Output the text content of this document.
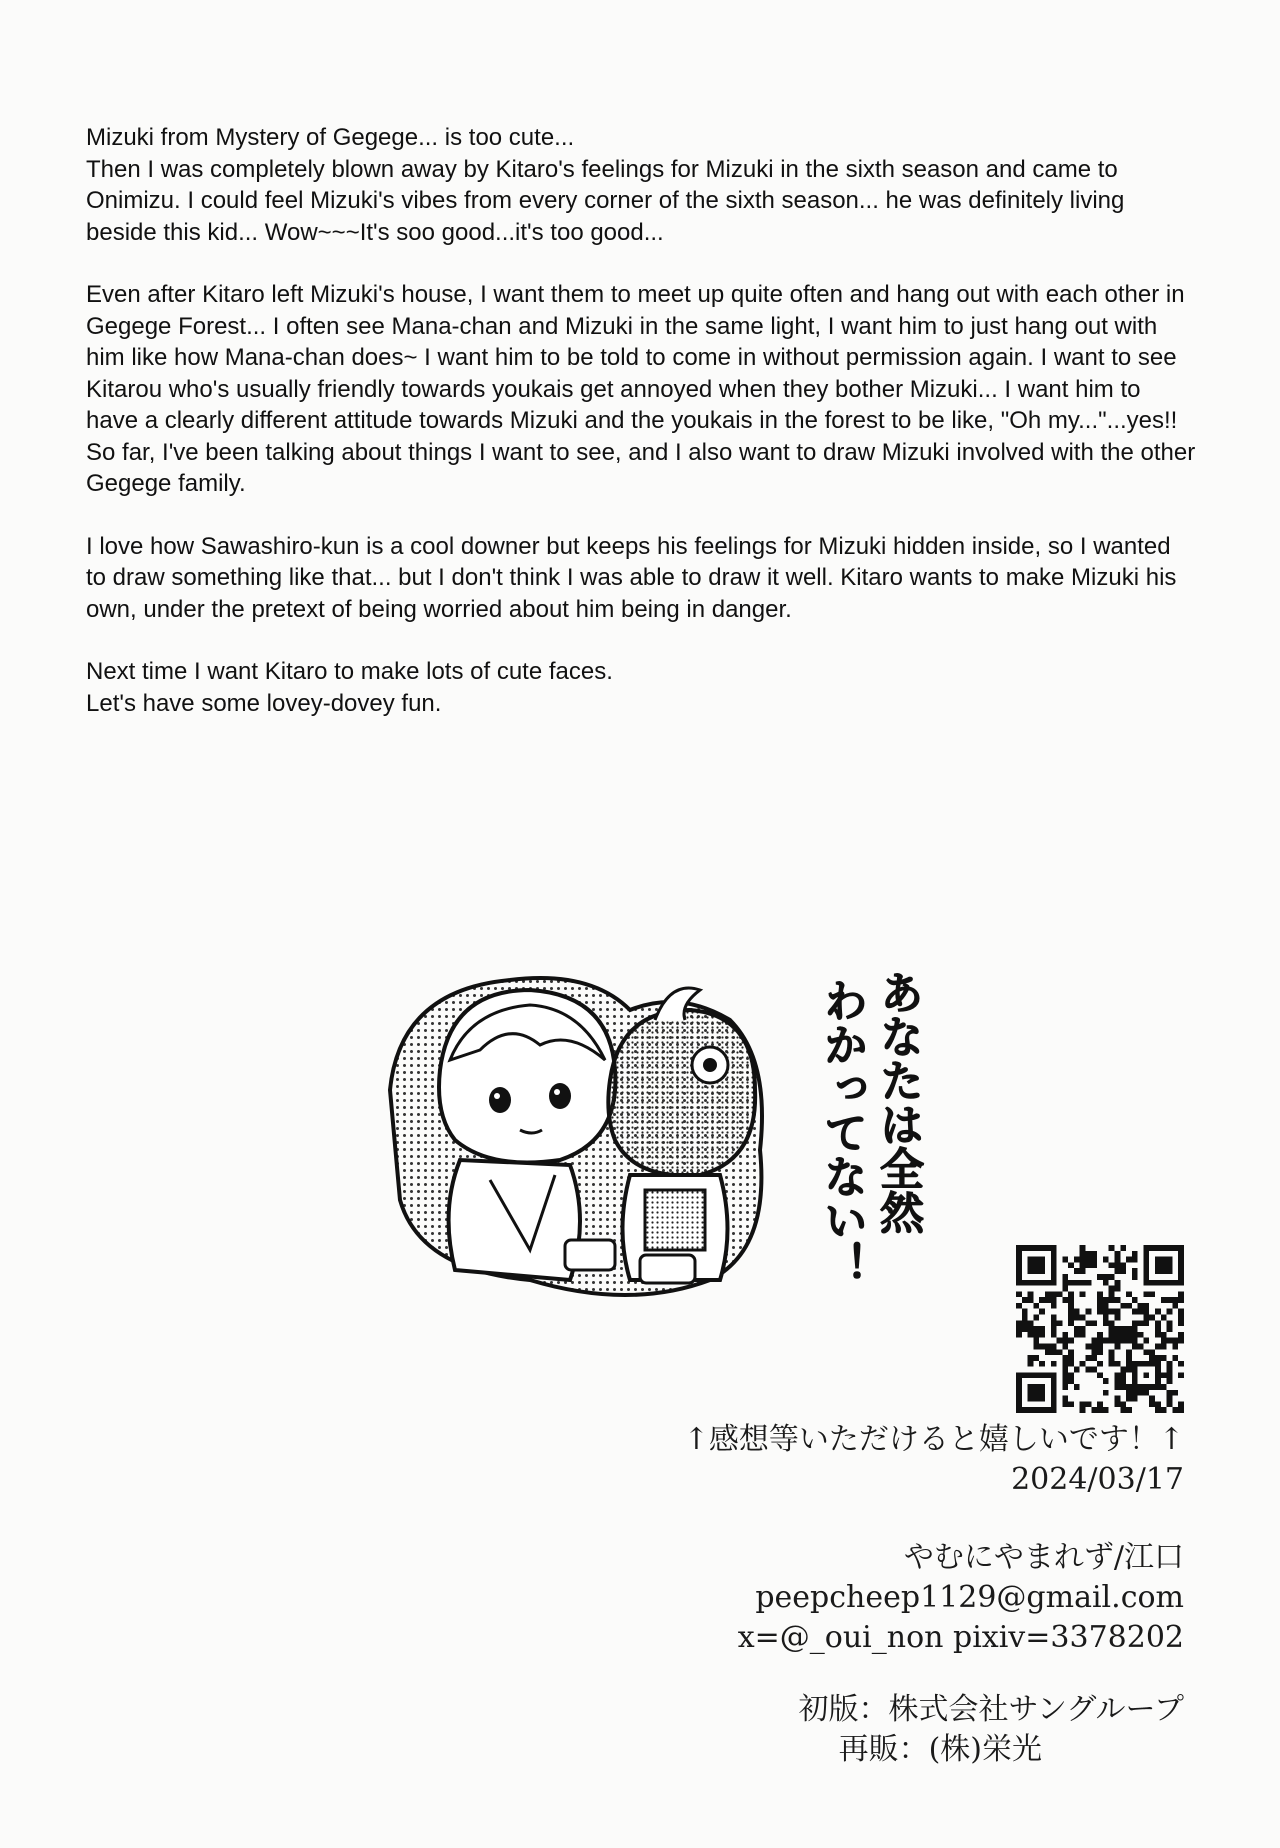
Mizuki from Mystery of Gegege... is too cute...
Then I was completely blown away by Kitaro's feelings for Mizuki in the sixth season and came to Onimizu. I could feel Mizuki's vibes from every corner of the sixth season... he was definitely living beside this kid... Wow~~~It's soo good...it's too good...

Even after Kitaro left Mizuki's house, I want them to meet up quite often and hang out with each other in Gegege Forest... I often see Mana-chan and Mizuki in the same light, I want him to just hang out with him like how Mana-chan does~ I want him to be told to come in without permission again. I want to see Kitarou who's usually friendly towards youkais get annoyed when they bother Mizuki... I want him to have a clearly different attitude towards Mizuki and the youkais in the forest to be like, "Oh my..."...yes!!
So far, I've been talking about things I want to see, and I also want to draw Mizuki involved with the other Gegege family.

I love how Sawashiro-kun is a cool downer but keeps his feelings for Mizuki hidden inside, so I wanted to draw something like that... but I don't think I was able to draw it well. Kitaro wants to make Mizuki his own, under the pretext of being worried about him being in danger.

Next time I want Kitaro to make lots of cute faces.
Let's have some lovey-dovey fun.

あなたは全然
わかってない！
↑感想等いただけると嬉しいです！↑
2024/03/17
やむにやまれず/江口
peepcheep1129@gmail.com
x=@_oui_non pixiv=3378202
初版：株式会社サングループ
再販：(株)栄光
